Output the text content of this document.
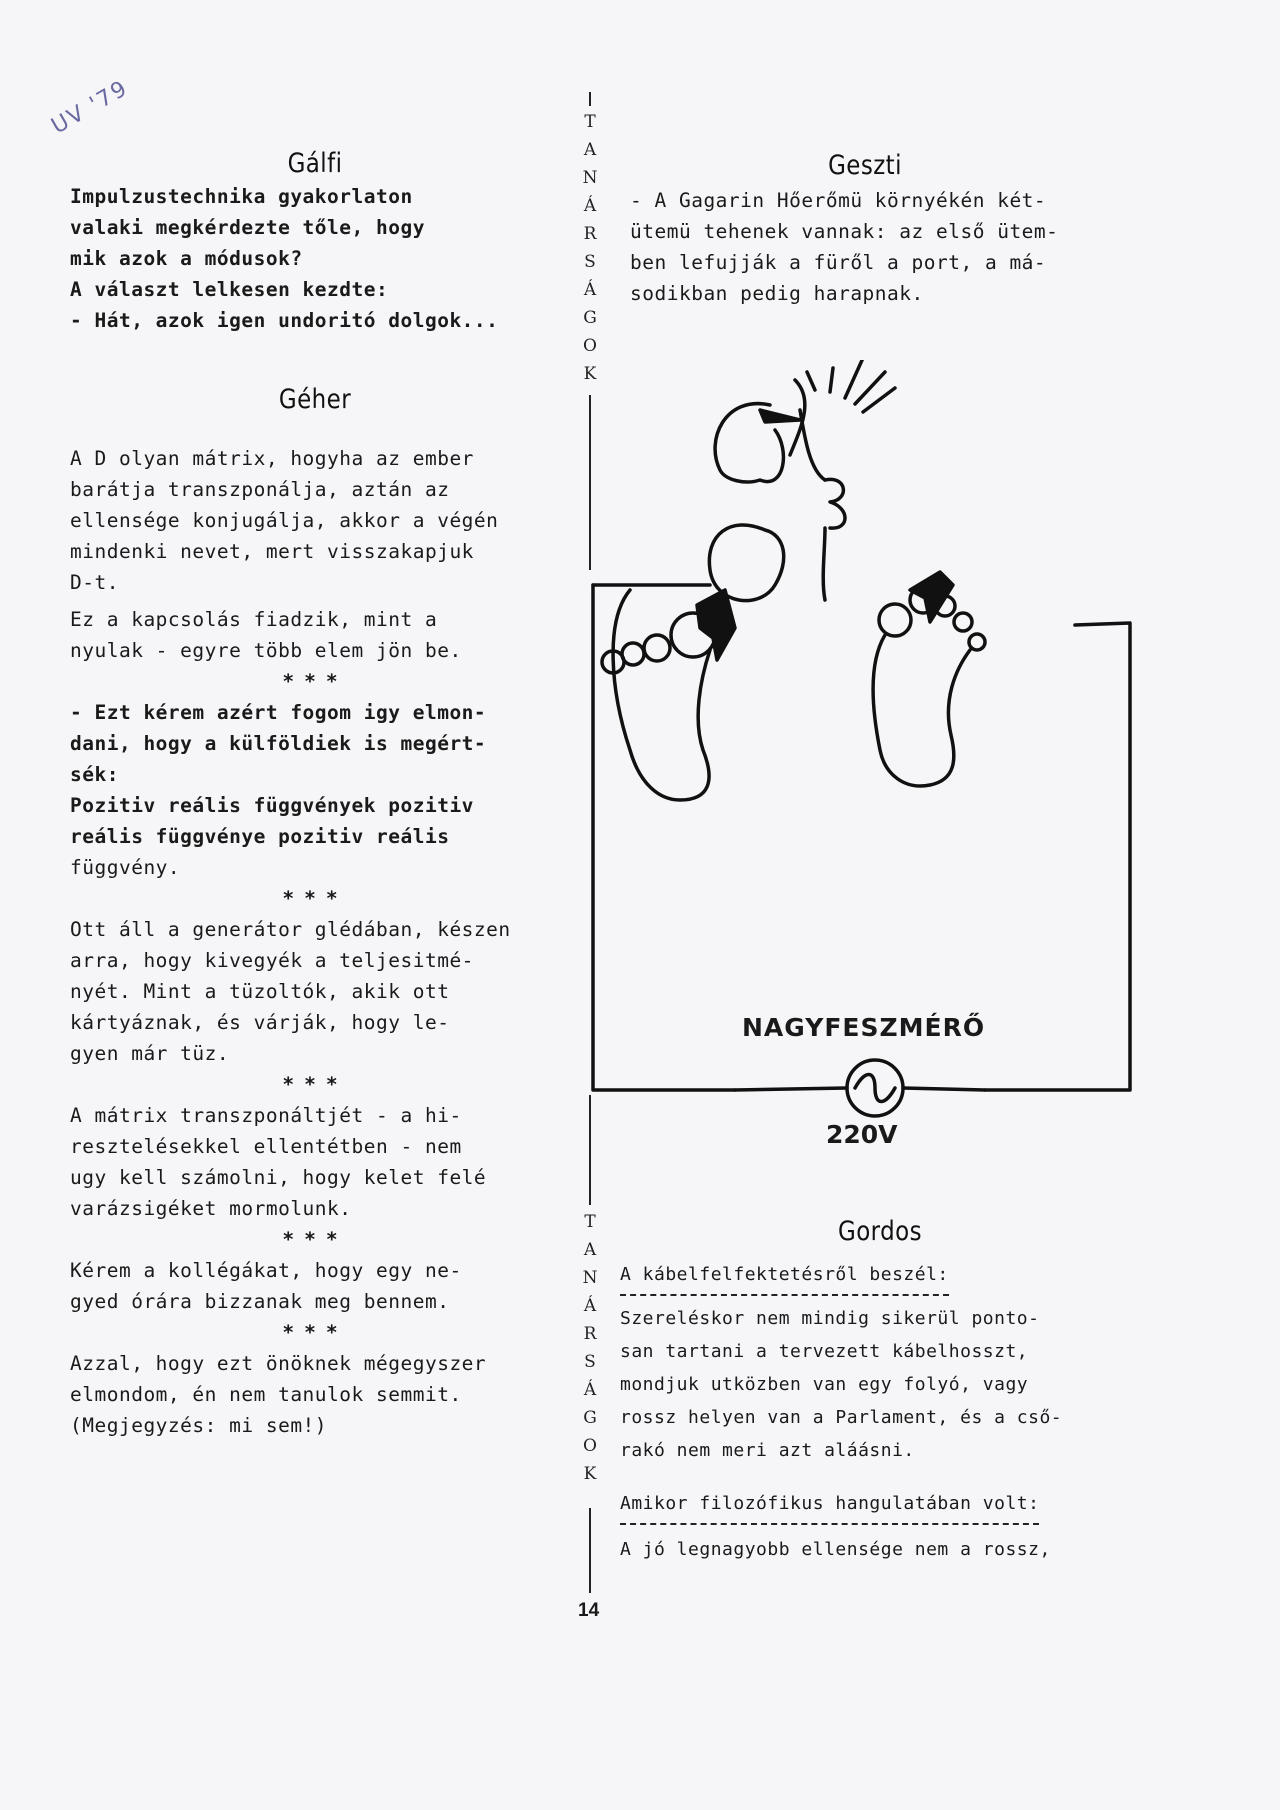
UV '79
Gálfi

Impulzustechnika gyakorlaton

valaki megkérdezte tőle, hogy

mik azok a módusok?

A választ lelkesen kezdte:

- Hát, azok igen undoritó dolgok...

Géher

A D olyan mátrix, hogyha az ember

barátja transzponálja, aztán az

ellensége konjugálja, akkor a végén

mindenki nevet, mert visszakapjuk

D-t.

Ez a kapcsolás fiadzik, mint a

nyulak - egyre több elem jön be.

***

- Ezt kérem azért fogom igy elmon-

dani, hogy a külföldiek is megért-

sék:

Pozitiv reális függvények pozitiv

reális függvénye pozitiv reális

függvény.

***

Ott áll a generátor glédában, készen

arra, hogy kivegyék a teljesitmé-

nyét. Mint a tüzoltók, akik ott

kártyáznak, és várják, hogy le-

gyen már tüz.

***

A mátrix transzponáltjét - a hi-

resztelésekkel ellentétben - nem

ugy kell számolni, hogy kelet felé

varázsigéket mormolunk.

***

Kérem a kollégákat, hogy egy ne-

gyed órára bizzanak meg bennem.

***

Azzal, hogy ezt önöknek mégegyszer

elmondom, én nem tanulok semmit.

(Megjegyzés: mi sem!)

T
A
N
Á
R
S
Á
G
O
K
T
A
N
Á
R
S
Á
G
O
K
14
Geszti

- A Gagarin Hőerőmü környékén két-

ütemü tehenek vannak: az első ütem-

ben lefujják a füről a port, a má-

sodikban pedig harapnak.

NAGYFESZMÉRŐ
220V
Gordos

A kábelfelfektetésről beszél:

Szereléskor nem mindig sikerül ponto-

san tartani a tervezett kábelhosszt,

mondjuk utközben van egy folyó, vagy

rossz helyen van a Parlament, és a cső-

rakó nem meri azt aláásni.

Amikor filozófikus hangulatában volt:

A jó legnagyobb ellensége nem a rossz,
